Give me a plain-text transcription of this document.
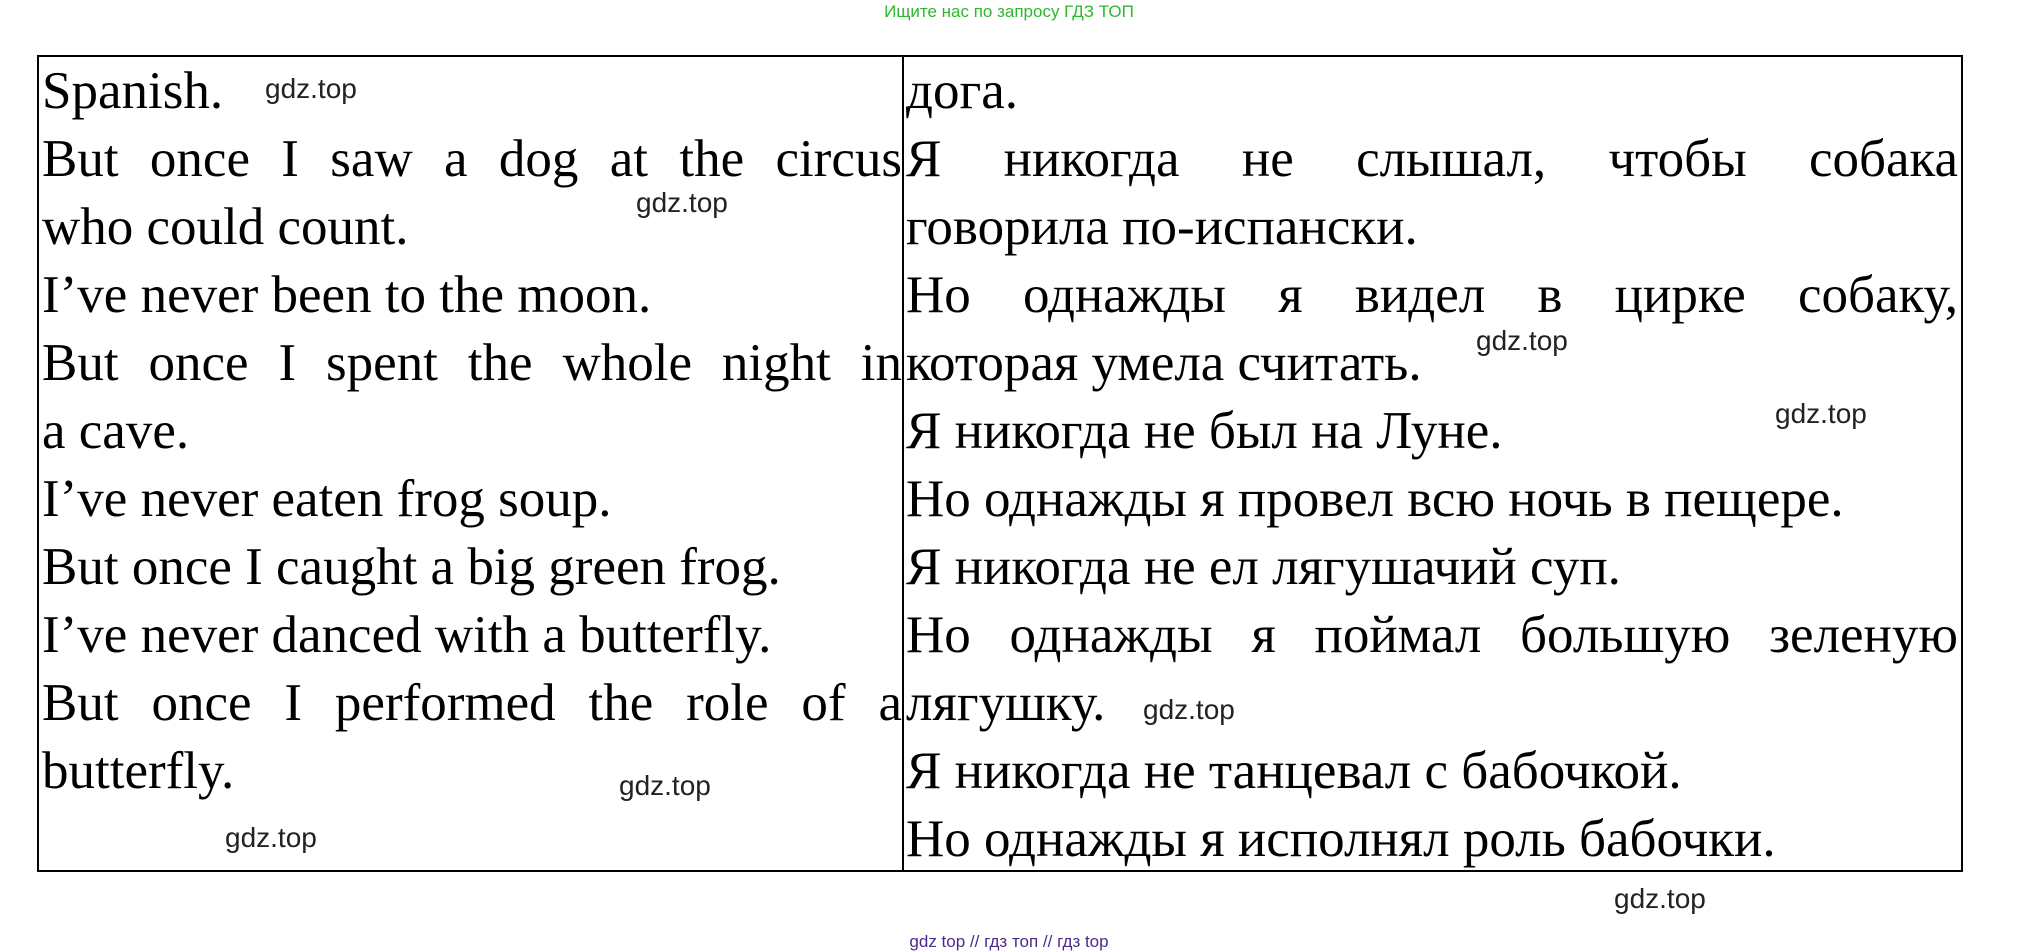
Ищите нас по запросу ГДЗ ТОП
Spanish.
But once I saw a dog at the circus
who could count.
I’ve never been to the moon.
But once I spent the whole night in
a cave.
I’ve never eaten frog soup.
But once I caught a big green frog.
I’ve never danced with a butterfly.
But once I performed the role of a
butterfly.
дога.
Я никогда не слышал, чтобы собака
говорила по-испански.
Но однажды я видел в цирке собаку,
которая умела считать.
Я никогда не был на Луне.
Но однажды я провел всю ночь в пещере.
Я никогда не ел лягушачий суп.
Но однажды я поймал большую зеленую
лягушку.
Я никогда не танцевал с бабочкой.
Но однажды я исполнял роль бабочки.
gdz.top
gdz.top
gdz.top
gdz.top
gdz.top
gdz.top
gdz.top
gdz.top
gdz top // гдз топ // гдз top
